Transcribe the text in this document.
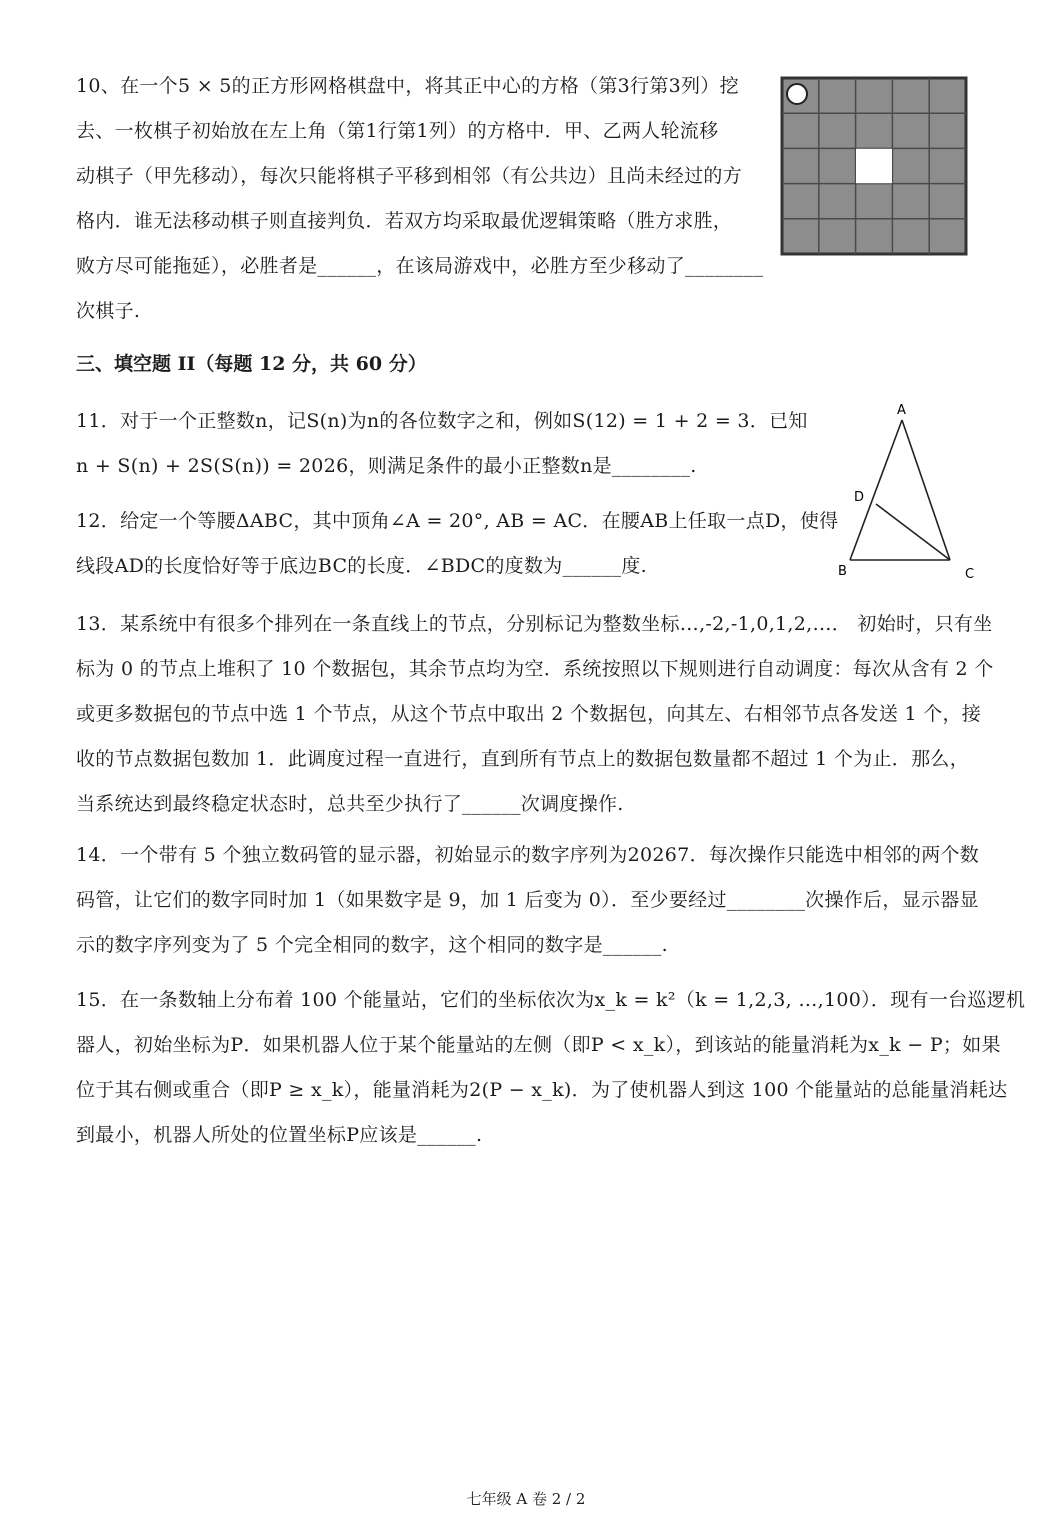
10、在一个5 × 5的正方形网格棋盘中，将其正中心的方格（第3行第3列）挖
去、一枚棋子初始放在左上角（第1行第1列）的方格中．甲、乙两人轮流移
动棋子（甲先移动），每次只能将棋子平移到相邻（有公共边）且尚未经过的方
格内．谁无法移动棋子则直接判负．若双方均采取最优逻辑策略（胜方求胜，
败方尽可能拖延），必胜者是______，在该局游戏中，必胜方至少移动了________
次棋子.
三、填空题 II（每题 12 分，共 60 分）
11．对于一个正整数n，记S(n)为n的各位数字之和，例如S(12) = 1 + 2 = 3．已知
n + S(n) + 2S(S(n)) = 2026，则满足条件的最小正整数n是________.
12．给定一个等腰ΔABC，其中顶角∠A = 20°, AB = AC．在腰AB上任取一点D，使得
线段AD的长度恰好等于底边BC的长度．∠BDC的度数为______度.
A
D
B	C
13．某系统中有很多个排列在一条直线上的节点，分别标记为整数坐标…,-2,-1,0,1,2,…． 初始时，只有坐
标为 0 的节点上堆积了 10 个数据包，其余节点均为空．系统按照以下规则进行自动调度：每次从含有 2 个
或更多数据包的节点中选 1 个节点，从这个节点中取出 2 个数据包，向其左、右相邻节点各发送 1 个，接
收的节点数据包数加 1．此调度过程一直进行，直到所有节点上的数据包数量都不超过 1 个为止．那么，
当系统达到最终稳定状态时，总共至少执行了______次调度操作.
14．一个带有 5 个独立数码管的显示器，初始显示的数字序列为20267．每次操作只能选中相邻的两个数
码管，让它们的数字同时加 1（如果数字是 9，加 1 后变为 0）．至少要经过________次操作后，显示器显
示的数字序列变为了 5 个完全相同的数字，这个相同的数字是______.
15．在一条数轴上分布着 100 个能量站，它们的坐标依次为x_k = k²（k = 1,2,3, …,100）．现有一台巡逻机
器人，初始坐标为P．如果机器人位于某个能量站的左侧（即P < x_k），到该站的能量消耗为x_k − P；如果
位于其右侧或重合（即P ≥ x_k），能量消耗为2(P − x_k)．为了使机器人到这 100 个能量站的总能量消耗达
到最小，机器人所处的位置坐标P应该是______.
七年级 A 卷 2 / 2
